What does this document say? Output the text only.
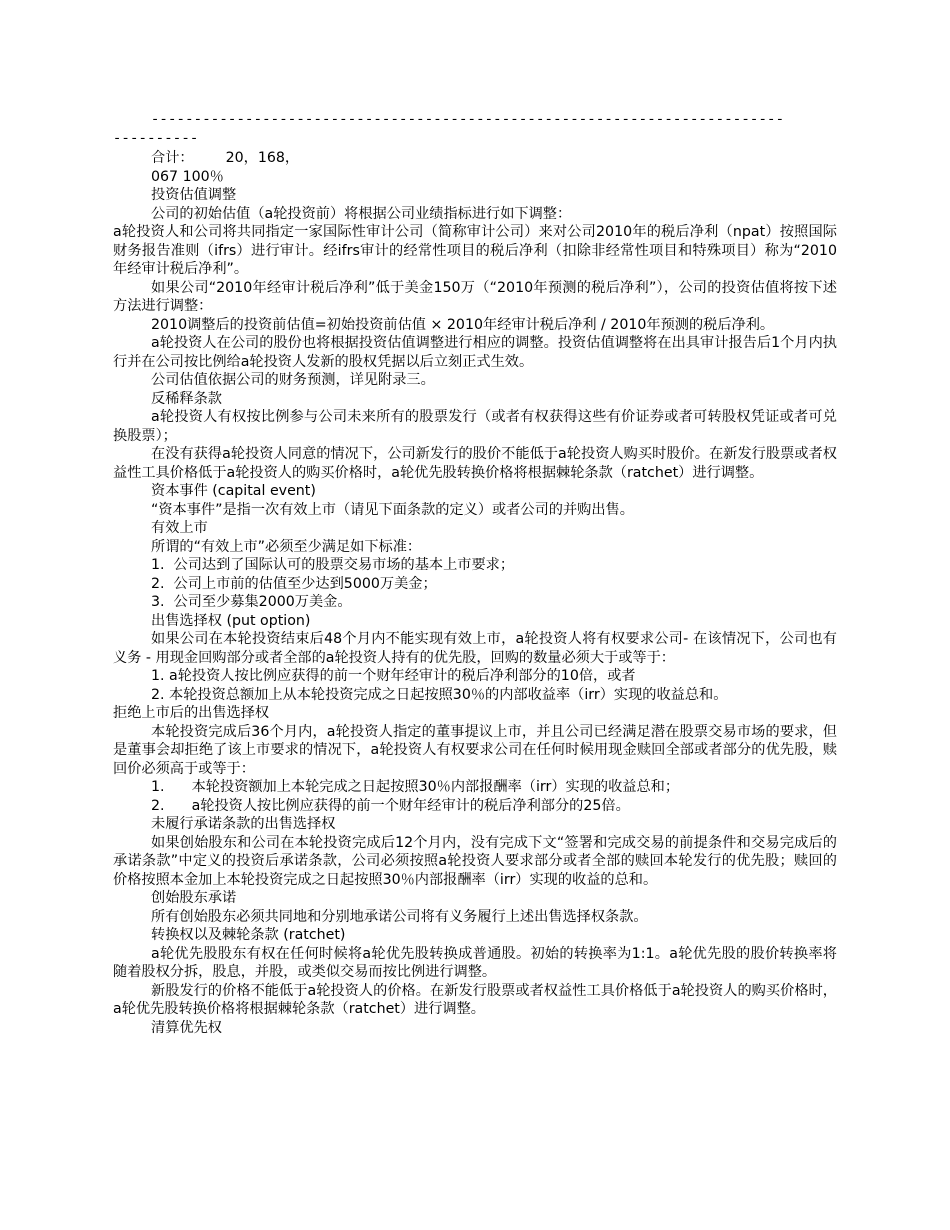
--------------------------------------------------------------------------
----------

合计： 20，168，

067 100％

投资估值调整

公司的初始估值（a轮投资前）将根据公司业绩指标进行如下调整：

a轮投资人和公司将共同指定一家国际性审计公司（简称审计公司）来对公司2010年的税后净利（npat）按照国际财务报告准则（ifrs）进行审计。经ifrs审计的经常性项目的税后净利（扣除非经常性项目和特殊项目）称为“2010年经审计税后净利”。

如果公司“2010年经审计税后净利”低于美金150万（“2010年预测的税后净利”），公司的投资估值将按下述方法进行调整：

2010调整后的投资前估值=初始投资前估值 × 2010年经审计税后净利 / 2010年预测的税后净利。

a轮投资人在公司的股份也将根据投资估值调整进行相应的调整。投资估值调整将在出具审计报告后1个月内执行并在公司按比例给a轮投资人发新的股权凭据以后立刻正式生效。

公司估值依据公司的财务预测，详见附录三。

反稀释条款

a轮投资人有权按比例参与公司未来所有的股票发行（或者有权获得这些有价证券或者可转股权凭证或者可兑换股票）；

在没有获得a轮投资人同意的情况下，公司新发行的股价不能低于a轮投资人购买时股价。在新发行股票或者权益性工具价格低于a轮投资人的购买价格时，a轮优先股转换价格将根据棘轮条款（ratchet）进行调整。

资本事件 (capital event)

“资本事件”是指一次有效上市（请见下面条款的定义）或者公司的并购出售。

有效上市

所谓的“有效上市”必须至少满足如下标准：

1.  公司达到了国际认可的股票交易市场的基本上市要求；

2.  公司上市前的估值至少达到5000万美金；

3.  公司至少募集2000万美金。

出售选择权 (put option)

如果公司在本轮投资结束后48个月内不能实现有效上市，a轮投资人将有权要求公司- 在该情况下，公司也有义务 - 用现金回购部分或者全部的a轮投资人持有的优先股，回购的数量必须大于或等于：

1. a轮投资人按比例应获得的前一个财年经审计的税后净利部分的10倍，或者

2. 本轮投资总额加上从本轮投资完成之日起按照30％的内部收益率（irr）实现的收益总和。

拒绝上市后的出售选择权

本轮投资完成后36个月内，a轮投资人指定的董事提议上市，并且公司已经满足潜在股票交易市场的要求，但是董事会却拒绝了该上市要求的情况下，a轮投资人有权要求公司在任何时候用现金赎回全部或者部分的优先股，赎回价必须高于或等于：

1.      本轮投资额加上本轮完成之日起按照30％内部报酬率（irr）实现的收益总和；

2.      a轮投资人按比例应获得的前一个财年经审计的税后净利部分的25倍。

未履行承诺条款的出售选择权

如果创始股东和公司在本轮投资完成后12个月内，没有完成下文“签署和完成交易的前提条件和交易完成后的承诺条款”中定义的投资后承诺条款，公司必须按照a轮投资人要求部分或者全部的赎回本轮发行的优先股；赎回的价格按照本金加上本轮投资完成之日起按照30％内部报酬率（irr）实现的收益的总和。

创始股东承诺

所有创始股东必须共同地和分别地承诺公司将有义务履行上述出售选择权条款。

转换权以及棘轮条款 (ratchet)

a轮优先股股东有权在任何时候将a轮优先股转换成普通股。初始的转换率为1:1。a轮优先股的股价转换率将随着股权分拆，股息，并股，或类似交易而按比例进行调整。

新股发行的价格不能低于a轮投资人的价格。在新发行股票或者权益性工具价格低于a轮投资人的购买价格时，a轮优先股转换价格将根据棘轮条款（ratchet）进行调整。

清算优先权
